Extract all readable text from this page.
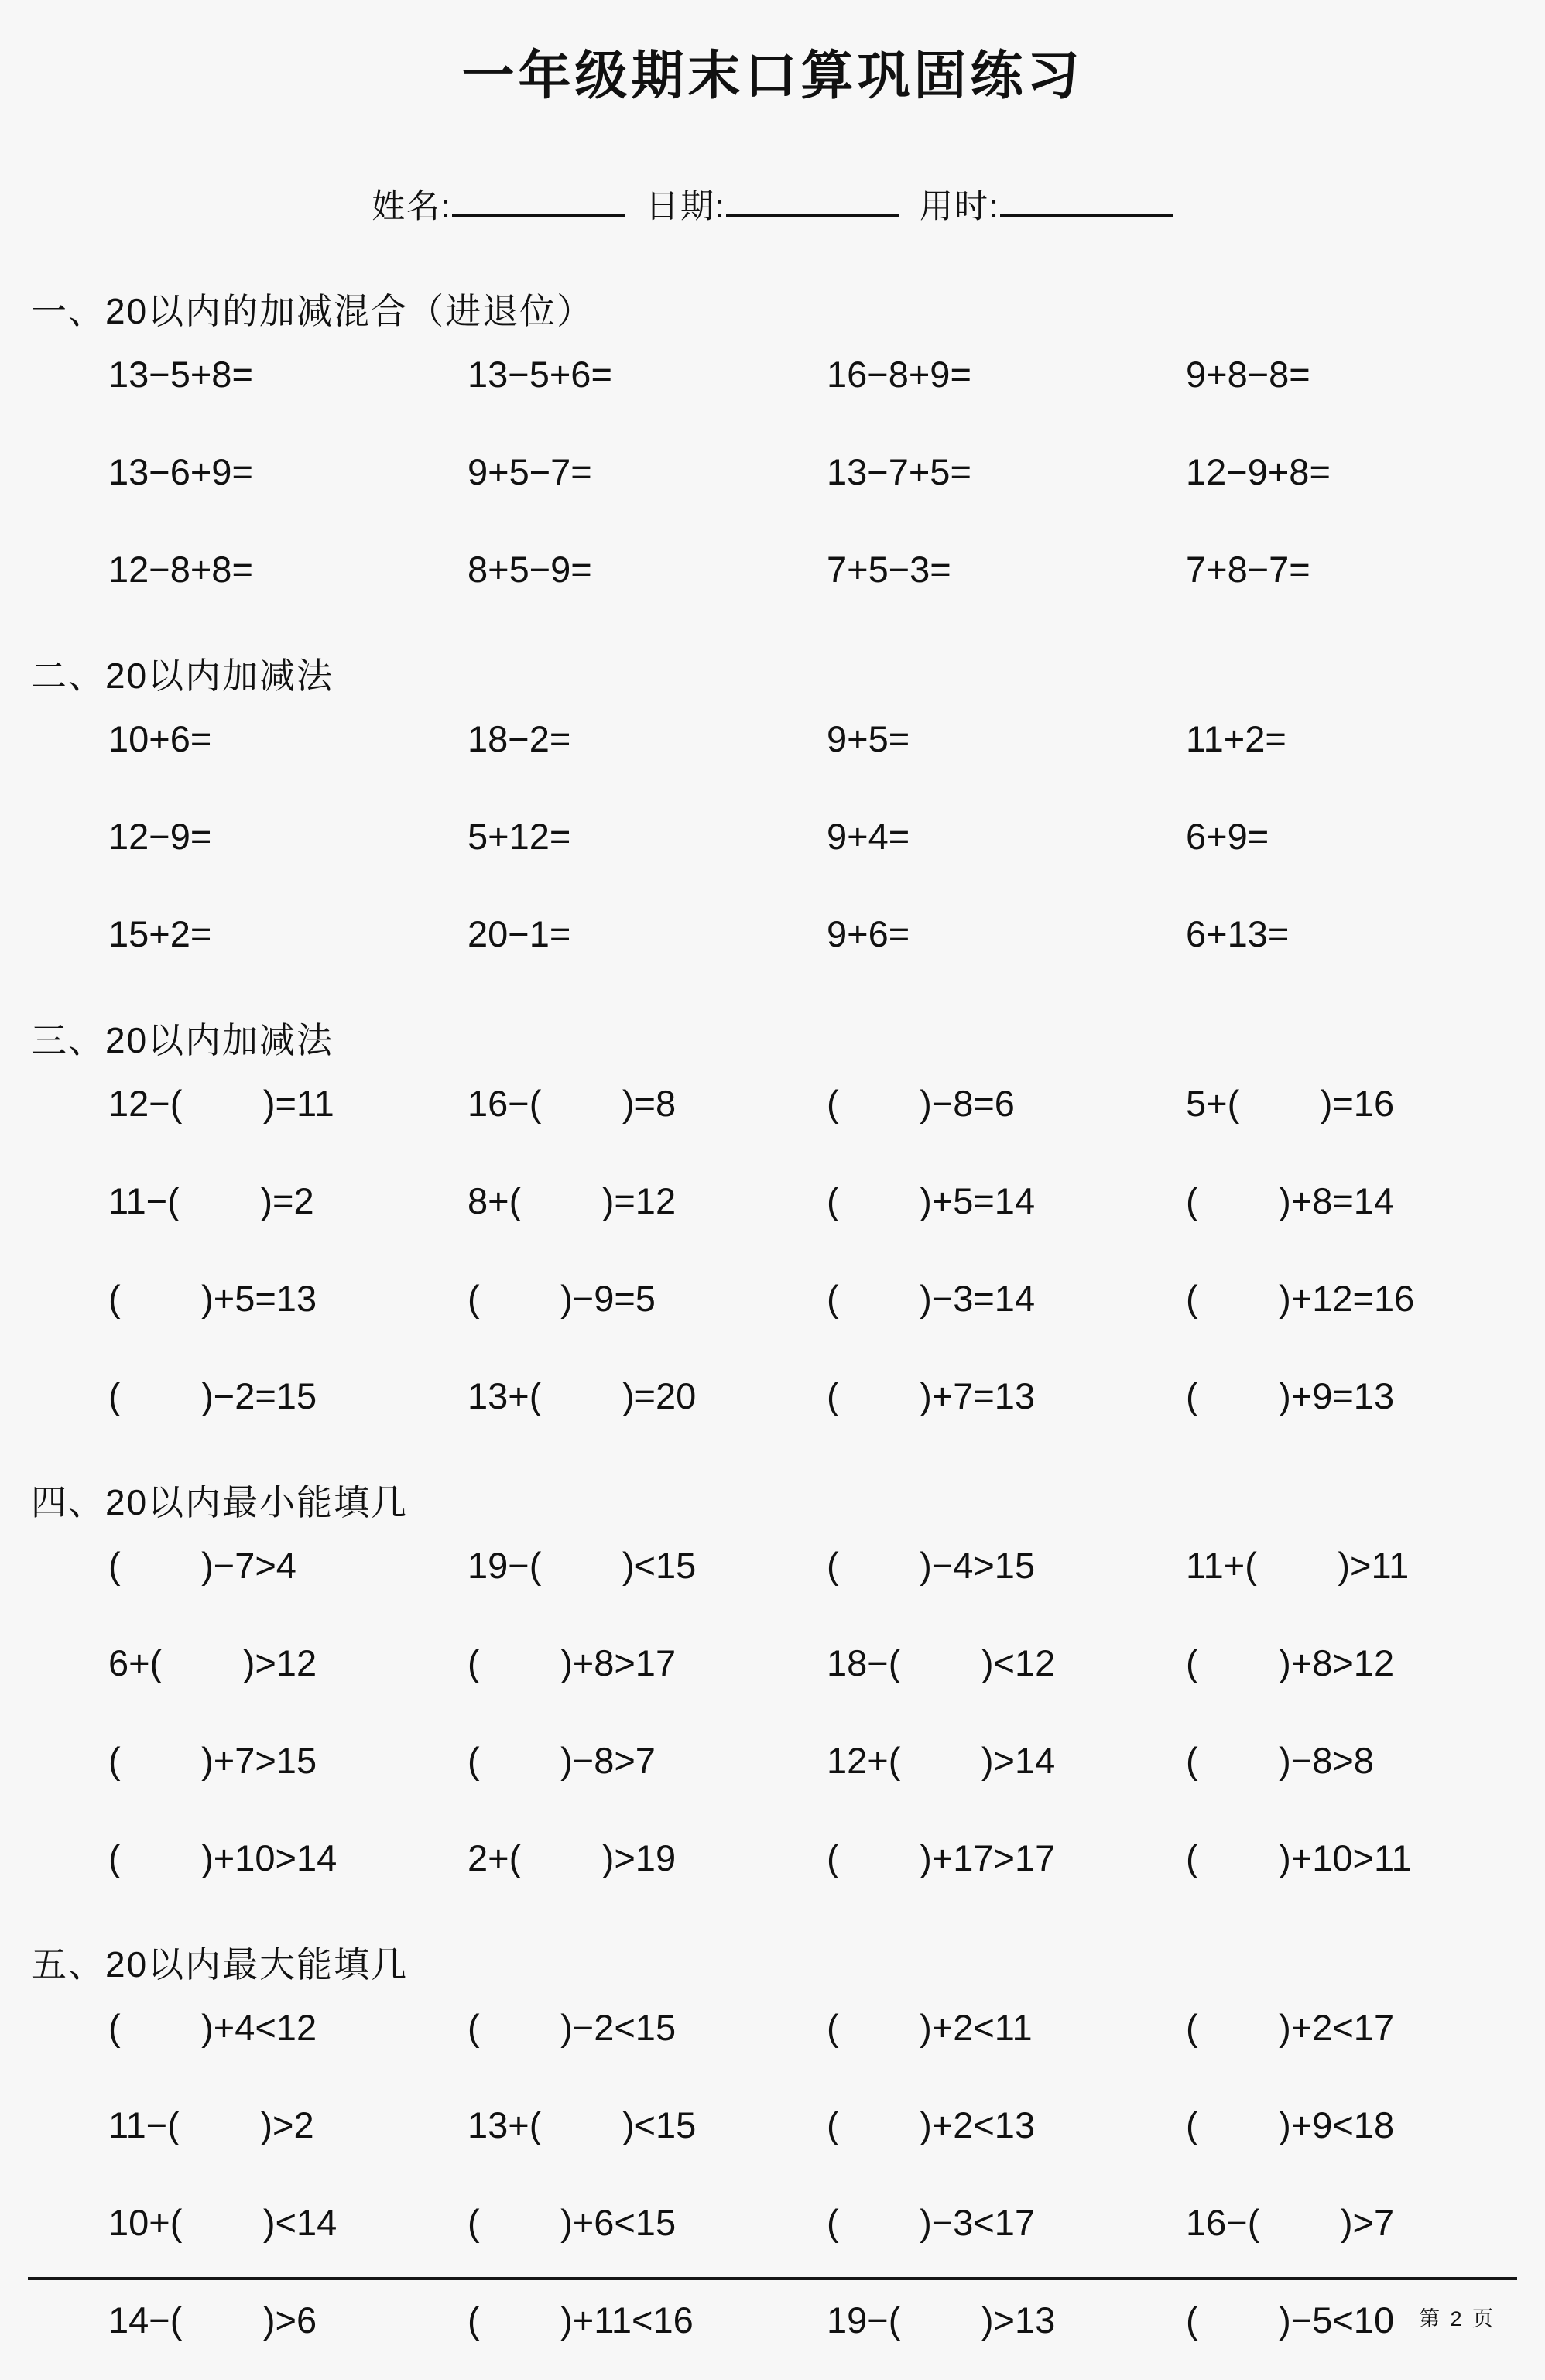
一年级期末口算巩固练习
姓名:	日期:	用时:
一、20以内的加减混合（进退位）
13−5+8=	13−5+6=	16−8+9=	9+8−8=
13−6+9=	9+5−7=	13−7+5=	12−9+8=
12−8+8=	8+5−9=	7+5−3=	7+8−7=
二、20以内加减法
10+6=	18−2=	9+5=	11+2=
12−9=	5+12=	9+4=	6+9=
15+2=	20−1=	9+6=	6+13=
三、20以内加减法
12−(        )=11	16−(        )=8	(        )−8=6	5+(        )=16
11−(        )=2	8+(        )=12	(        )+5=14	(        )+8=14
(        )+5=13	(        )−9=5	(        )−3=14	(        )+12=16
(        )−2=15	13+(        )=20	(        )+7=13	(        )+9=13
四、20以内最小能填几
(        )−7>4	19−(        )<15	(        )−4>15	11+(        )>11
6+(        )>12	(        )+8>17	18−(        )<12	(        )+8>12
(        )+7>15	(        )−8>7	12+(        )>14	(        )−8>8
(        )+10>14	2+(        )>19	(        )+17>17	(        )+10>11
五、20以内最大能填几
(        )+4<12	(        )−2<15	(        )+2<11	(        )+2<17
11−(        )>2	13+(        )<15	(        )+2<13	(        )+9<18
10+(        )<14	(        )+6<15	(        )−3<17	16−(        )>7
14−(        )>6	(        )+11<16	19−(        )>13	(        )−5<10	第 2 页
